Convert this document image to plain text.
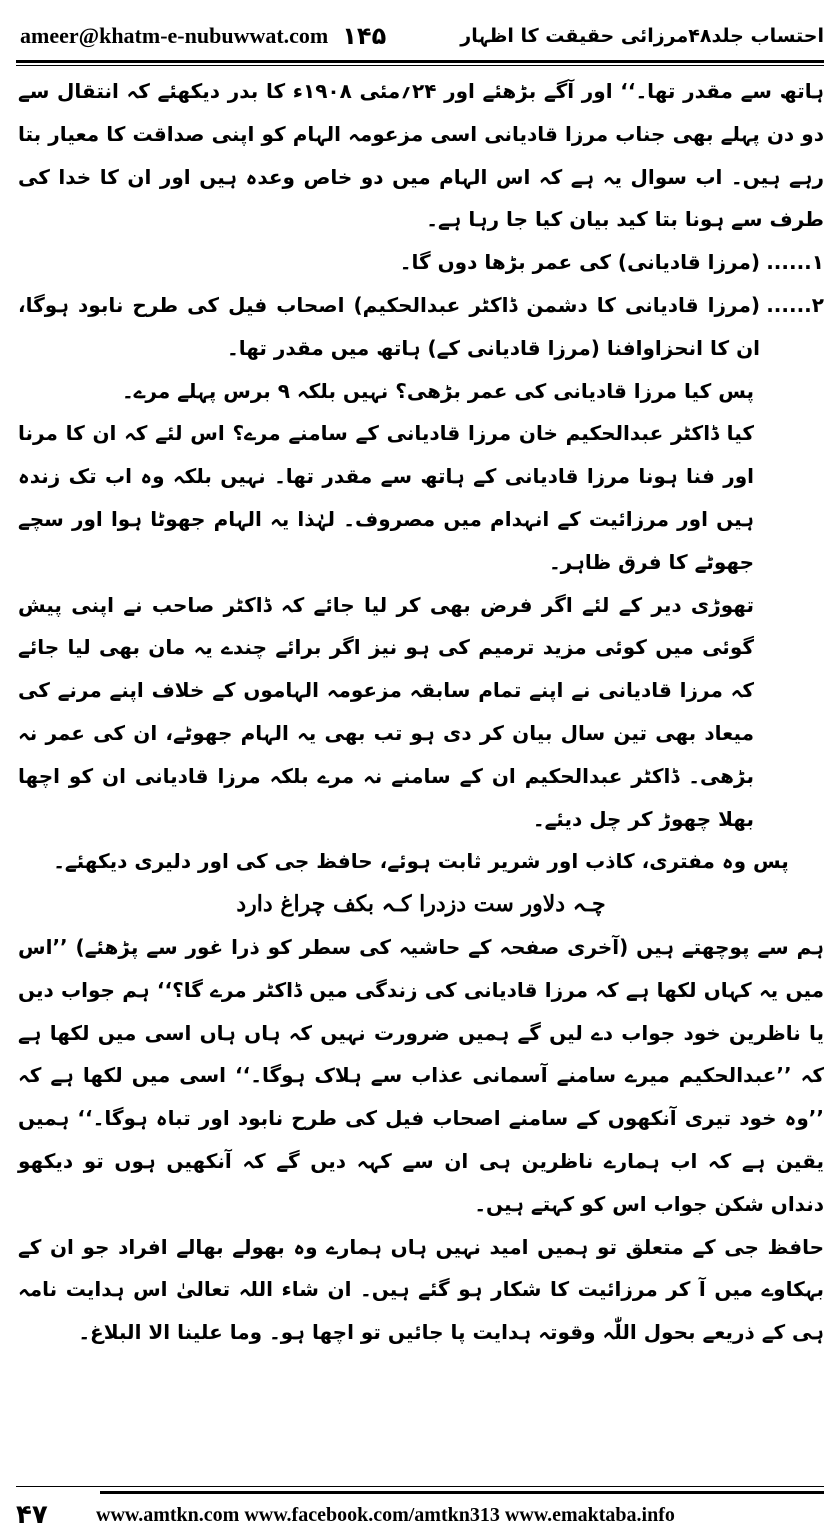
ameer@khatm-e-nubuwwat.com ۱۴۵	احتساب جلد۴۸مرزائی حقیقت کا اظہار

ہاتھ سے مقدر تھا۔‘‘ اور آگے بڑھئے اور ۲۴؍مئی ۱۹۰۸ء کا بدر دیکھئے کہ انتقال سے دو دن پہلے بھی جناب مرزا قادیانی اسی مزعومہ الہام کو اپنی صداقت کا معیار بتا رہے ہیں۔ اب سوال یہ ہے کہ اس الہام میں دو خاص وعدہ ہیں اور ان کا خدا کی طرف سے ہونا بتا کید بیان کیا جا رہا ہے۔

۱......
(مرزا قادیانی) کی عمر بڑھا دوں گا۔
۲......
(مرزا قادیانی کا دشمن ڈاکٹر عبدالحکیم) اصحاب فیل کی طرح نابود ہوگا، ان کا انحزاوافنا (مرزا قادیانی کے) ہاتھ میں مقدر تھا۔

پس کیا مرزا قادیانی کی عمر بڑھی؟ نہیں بلکہ ۹ برس پہلے مرے۔

کیا ڈاکٹر عبدالحکیم خان مرزا قادیانی کے سامنے مرے؟ اس لئے کہ ان کا مرنا اور فنا ہونا مرزا قادیانی کے ہاتھ سے مقدر تھا۔ نہیں بلکہ وہ اب تک زندہ ہیں اور مرزائیت کے انہدام میں مصروف۔ لہٰذا یہ الہام جھوٹا ہوا اور سچے جھوٹے کا فرق ظاہر۔

تھوڑی دیر کے لئے اگر فرض بھی کر لیا جائے کہ ڈاکٹر صاحب نے اپنی پیش گوئی میں کوئی مزید ترمیم کی ہو نیز اگر برائے چندے یہ مان بھی لیا جائے کہ مرزا قادیانی نے اپنے تمام سابقہ مزعومہ الہاموں کے خلاف اپنے مرنے کی میعاد بھی تین سال بیان کر دی ہو تب بھی یہ الہام جھوٹے، ان کی عمر نہ بڑھی۔ ڈاکٹر عبدالحکیم ان کے سامنے نہ مرے بلکہ مرزا قادیانی ان کو اچھا بھلا چھوڑ کر چل دیئے۔

پس وہ مفتری، کاذب اور شریر ثابت ہوئے، حافظ جی کی اور دلیری دیکھئے۔

چـہ دلاور ست دزدرا کـہ بکف چراغ دارد

ہم سے پوچھتے ہیں (آخری صفحہ کے حاشیہ کی سطر کو ذرا غور سے پڑھئے) ’’اس میں یہ کہاں لکھا ہے کہ مرزا قادیانی کی زندگی میں ڈاکٹر مرے گا؟‘‘ ہم جواب دیں یا ناظرین خود جواب دے لیں گے ہمیں ضرورت نہیں کہ ہاں ہاں اسی میں لکھا ہے کہ ’’عبدالحکیم میرے سامنے آسمانی عذاب سے ہلاک ہوگا۔‘‘ اسی میں لکھا ہے کہ ’’وہ خود تیری آنکھوں کے سامنے اصحاب فیل کی طرح نابود اور تباہ ہوگا۔‘‘ ہمیں یقین ہے کہ اب ہمارے ناظرین ہی ان سے کہہ دیں گے کہ آنکھیں ہوں تو دیکھو دنداں شکن جواب اس کو کہتے ہیں۔

حافظ جی کے متعلق تو ہمیں امید نہیں ہاں ہمارے وہ بھولے بھالے افراد جو ان کے بہکاوے میں آ کر مرزائیت کا شکار ہو گئے ہیں۔ ان شاء اللہ تعالیٰ اس ہدایت نامہ ہی کے ذریعے بحول اللّٰہ وقوتہ ہدایت پا جائیں تو اچھا ہو۔ وما علینا الا البلاغ۔

۴۷	www.amtkn.com www.facebook.com/amtkn313 www.emaktaba.info
